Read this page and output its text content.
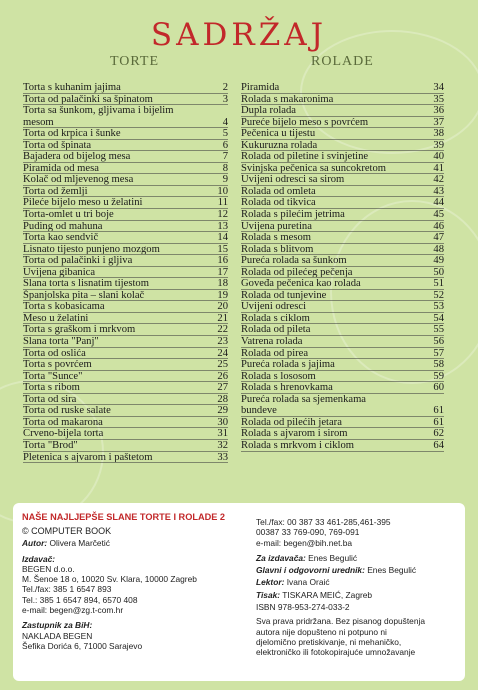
SADRŽAJ
TORTE	ROLADE
Torta s kuhanim jajima	2
Torta od palačinki sa špinatom	3
Torta sa šunkom, gljivama i bijelim
mesom	4
Torta od krpica i šunke	5
Torta od špinata	6
Bajadera od bijelog mesa	7
Piramida od mesa	8
Kolač od mljevenog mesa	9
Torta od žemlji	10
Pileće bijelo meso u želatini	11
Torta-omlet u tri boje	12
Puding od mahuna	13
Torta kao sendvič	14
Lisnato tijesto punjeno mozgom	15
Torta od palačinki i gljiva	16
Uvijena gibanica	17
Slana torta s lisnatim tijestom	18
Španjolska pita – slani kolač	19
Torta s kobasicama	20
Meso u želatini	21
Torta s graškom i mrkvom	22
Slana torta "Panj"	23
Torta od oslića	24
Torta s povrćem	25
Torta "Sunce"	26
Torta s ribom	27
Torta od sira	28
Torta od ruske salate	29
Torta od makarona	30
Crveno-bijela torta	31
Torta "Brod"	32
Pletenica s ajvarom i paštetom	33
Piramida	34
Rolada s makaronima	35
Dupla rolada	36
Pureće bijelo meso s povrćem	37
Pečenica u tijestu	38
Kukuruzna rolada	39
Rolada od piletine i svinjetine	40
Svinjska pečenica sa suncokretom	41
Uvijeni odresci sa sirom	42
Rolada od omleta	43
Rolada od tikvica	44
Rolada s pilećim jetrima	45
Uvijena puretina	46
Rolada s mesom	47
Rolada s blitvom	48
Pureća rolada sa šunkom	49
Rolada od pilećeg pečenja	50
Goveđa pečenica kao rolada	51
Rolada od tunjevine	52
Uvijeni odresci	53
Rolada s ciklom	54
Rolada od pileta	55
Vatrena rolada	56
Rolada od pirea	57
Pureća rolada s jajima	58
Rolada s lososom	59
Rolada s hrenovkama	60
Pureća rolada sa sjemenkama
bundeve	61
Rolada od pilećih jetara	61
Rolada s ajvarom i sirom	62
Rolada s mrkvom i ciklom	64
NAŠE NAJLJEPŠE SLANE TORTE I ROLADE 2
© COMPUTER BOOK
Autor: Olivera Marčetić
Izdavač:
BEGEN d.o.o.
M. Šenoe 18 o, 10020 Sv. Klara, 10000 Zagreb
Tel./fax: 385 1 6547 893
Tel.: 385 1 6547 894, 6570 408
e-mail: begen@zg.t-com.hr
Zastupnik za BiH:
NAKLADA BEGEN
Šefika Dorića 6, 71000 Sarajevo
Tel./fax: 00 387 33 461-285,461-395
00387 33 769-090, 769-091
e-mail: begen@bih.net.ba
Za izdavača: Enes Begulić
Glavni i odgovorni urednik: Enes Begulić
Lektor: Ivana Oraić
Tisak: TISKARA MEIĆ, Zagreb
ISBN 978-953-274-033-2
Sva prava pridržana. Bez pisanog dopuštenja
autora nije dopušteno ni potpuno ni
djelomično pretiskivanje, ni mehaničko,
elektroničko ili fotokopirajuće umnožavanje
